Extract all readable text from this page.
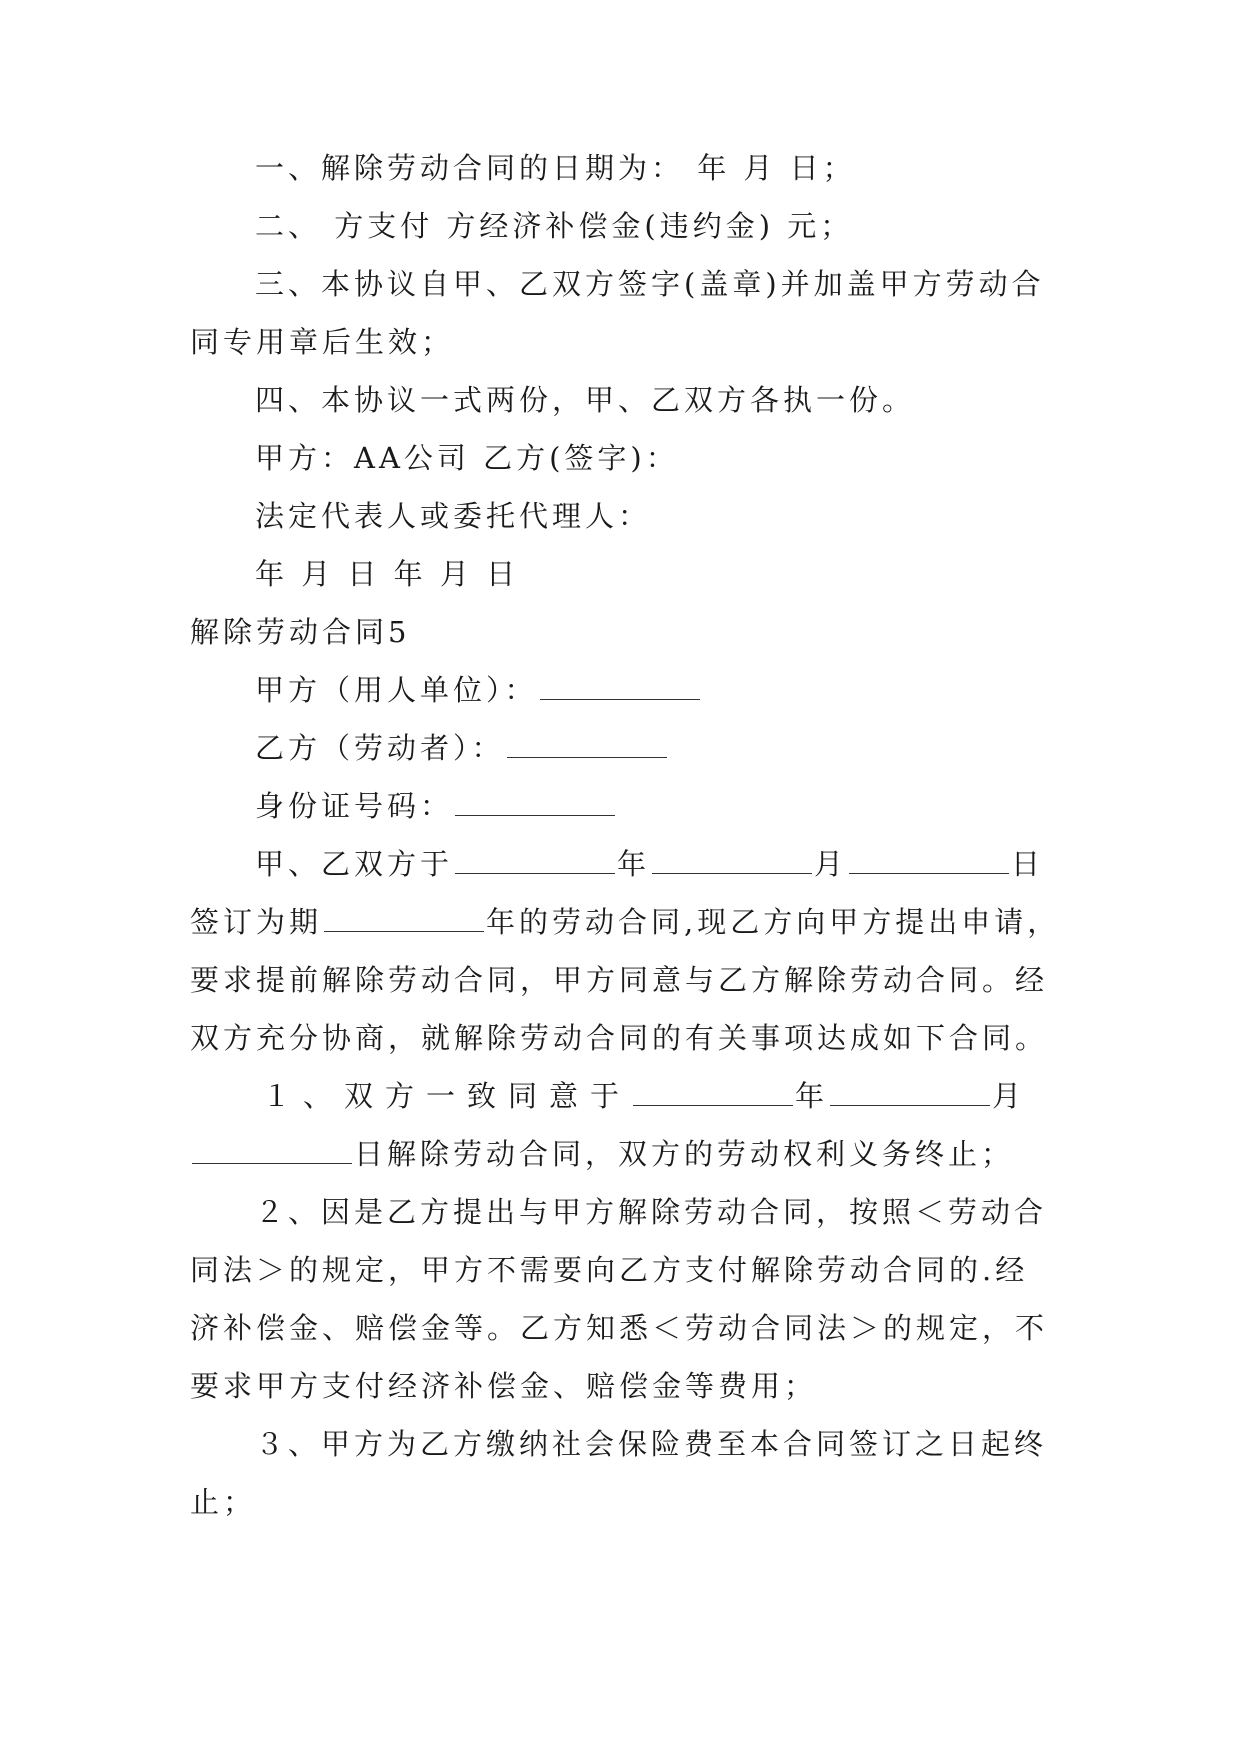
一、解除劳动合同的日期为： 年 月 日；
二、 方支付 方经济补偿金(违约金) 元；
三、本协议自甲、乙双方签字(盖章)并加盖甲方劳动合
同专用章后生效；
四、本协议一式两份，甲、乙双方各执一份。
甲方：AA公司 乙方(签字)：
法定代表人或委托代理人：
年 月 日 年 月 日
解除劳动合同5
甲方（用人单位）：
乙方（劳动者）：
身份证号码：
甲、乙双方于	年	月	日
签订为期	年的劳动合同,现乙方向甲方提出申请，
要求提前解除劳动合同，甲方同意与乙方解除劳动合同。经
双方充分协商，就解除劳动合同的有关事项达成如下合同。
１、双方一致同意于	年	月
日解除劳动合同，双方的劳动权利义务终止；
２、因是乙方提出与甲方解除劳动合同，按照＜劳动合
同法＞的规定，甲方不需要向乙方支付解除劳动合同的.经
济补偿金、赔偿金等。乙方知悉＜劳动合同法＞的规定，不
要求甲方支付经济补偿金、赔偿金等费用；
３、甲方为乙方缴纳社会保险费至本合同签订之日起终
止；
